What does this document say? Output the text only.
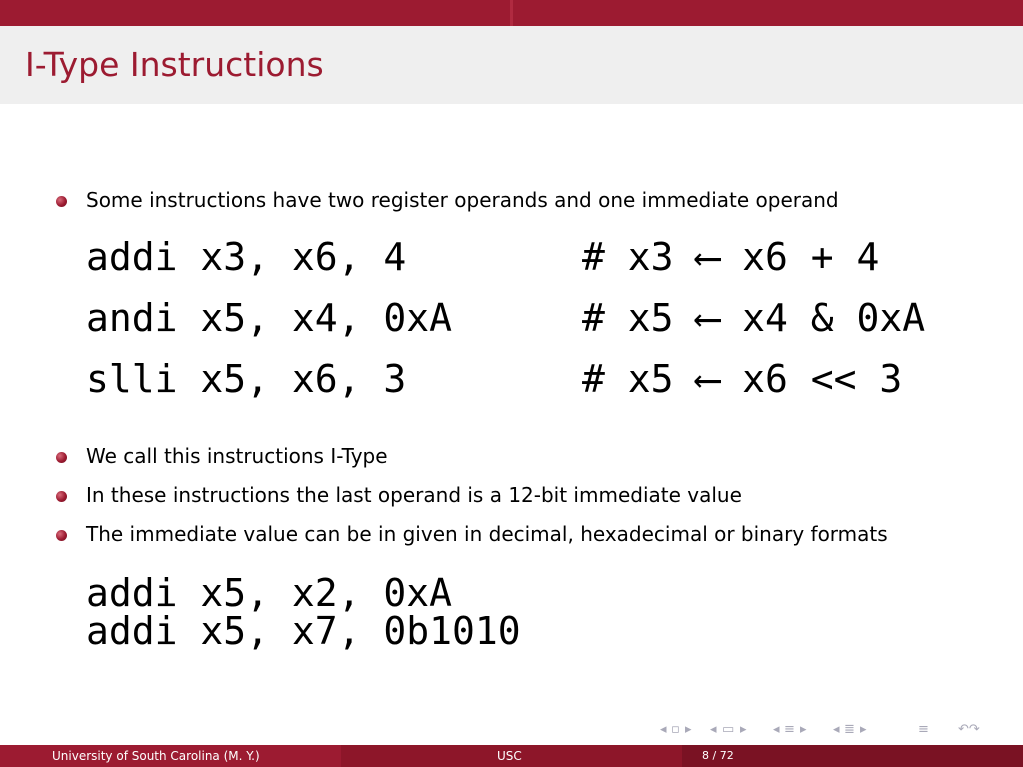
I-Type Instructions
Some instructions have two register operands and one immediate operand
addi x3, x6, 4	# x3 ⟵ x6 + 4
andi x5, x4, 0xA	# x5 ⟵ x4 & 0xA
slli x5, x6, 3	# x5 ⟵ x6 << 3
We call this instructions I-Type
In these instructions the last operand is a 12-bit immediate value
The immediate value can be in given in decimal, hexadecimal or binary formats
addi x5, x2, 0xA
addi x5, x7, 0b1010
◂ ▫ ▸ ◂ ▭ ▸ ◂ ≡ ▸ ◂ ≣ ▸	≡ ↶↷
University of South Carolina (M. Y.)	USC	8 / 72
